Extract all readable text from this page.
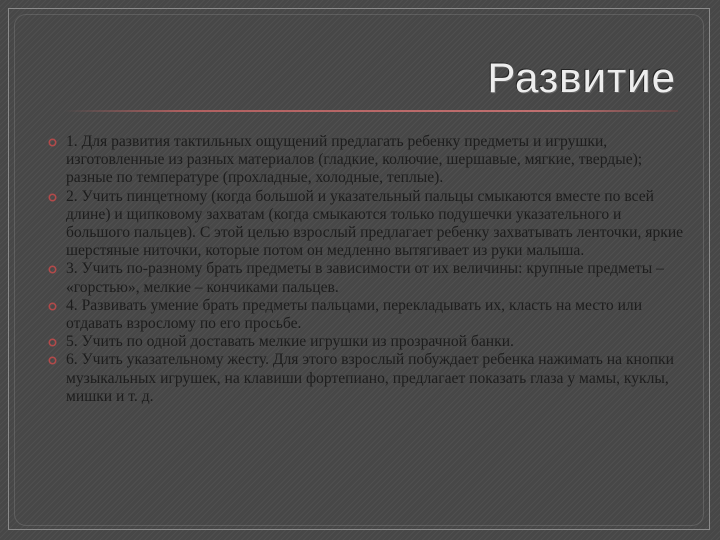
Развитие
1. Для развития тактильных ощущений предлагать ребенку предметы и игрушки, изготовленные из разных материалов (гладкие, колючие, шершавые, мягкие, твердые); разные по температуре (прохладные, холодные, теплые).
2. Учить пинцетному (когда большой и указательный пальцы смыкаются вместе по всей длине) и щипковому захватам (когда смыкаются только подушечки указательного и большого пальцев). С этой целью взрослый предлагает ребенку захватывать ленточки, яркие шерстяные ниточки, которые потом он медленно вытягивает из руки малыша.
3. Учить по-разному брать предметы в зависимости от их величины: крупные предметы – «горстью», мелкие – кончиками пальцев.
4. Развивать умение брать предметы пальцами, перекладывать их, класть на место или отдавать взрослому по его просьбе.
5. Учить по одной доставать мелкие игрушки из прозрачной банки.
6. Учить указательному жесту. Для этого взрослый побуждает ребенка нажимать на кнопки музыкальных игрушек, на клавиши фортепиано, предлагает показать глаза у мамы, куклы, мишки и т. д.
